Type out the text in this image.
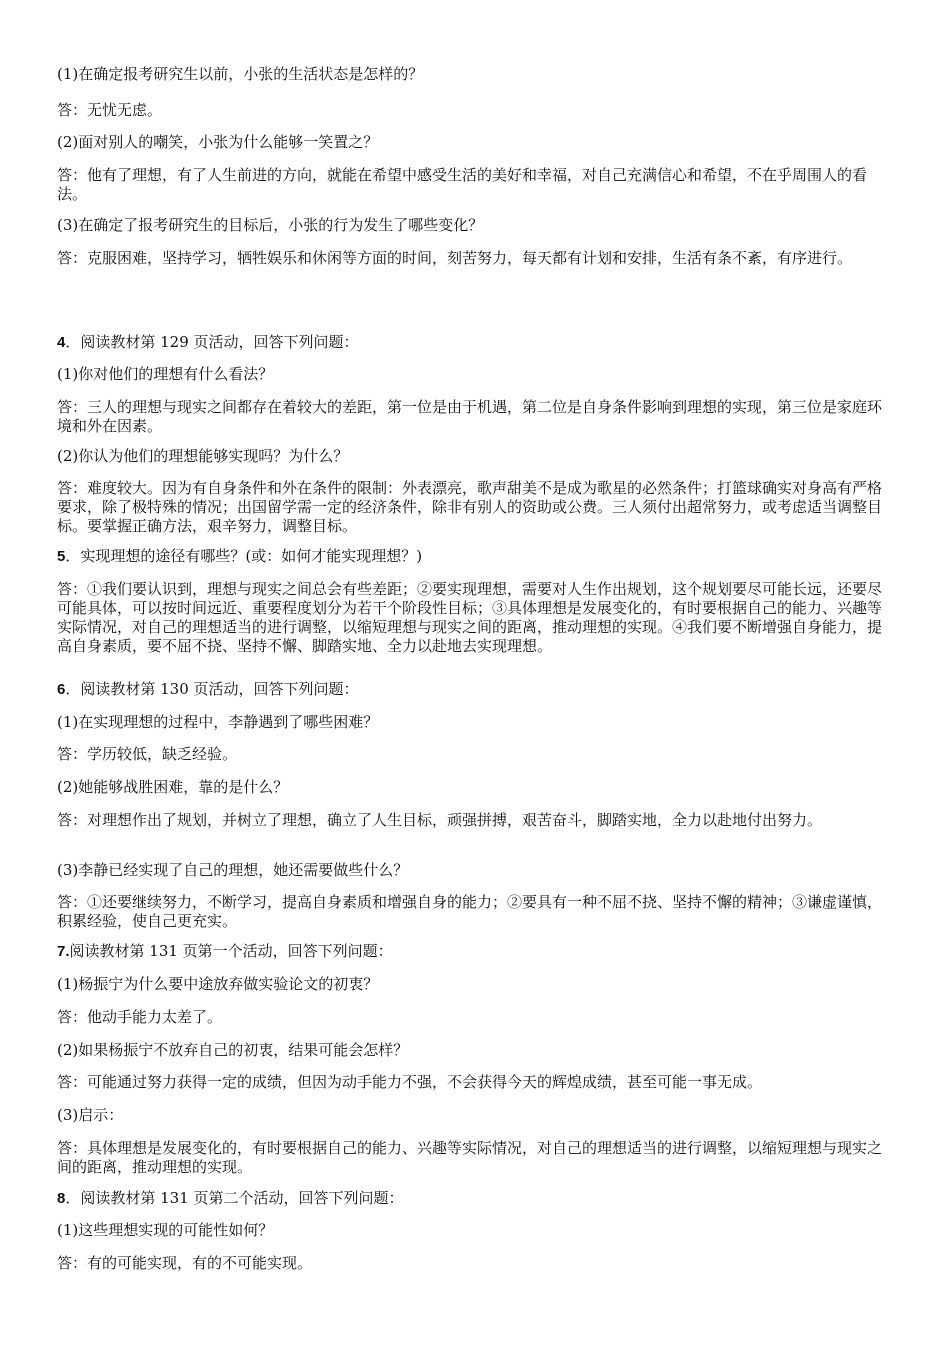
(1)在确定报考研究生以前，小张的生活状态是怎样的？

答：无忧无虑。

(2)面对别人的嘲笑，小张为什么能够一笑置之？

答：他有了理想，有了人生前进的方向，就能在希望中感受生活的美好和幸福，对自己充满信心和希望，不在乎周围人的看法。

(3)在确定了报考研究生的目标后，小张的行为发生了哪些变化？

答：克服困难，坚持学习，牺牲娱乐和休闲等方面的时间，刻苦努力，每天都有计划和安排，生活有条不紊，有序进行。

4．阅读教材第 129 页活动，回答下列问题：

(1)你对他们的理想有什么看法？

答：三人的理想与现实之间都存在着较大的差距，第一位是由于机遇，第二位是自身条件影响到理想的实现，第三位是家庭环境和外在因素。

(2)你认为他们的理想能够实现吗？为什么？

答：难度较大。因为有自身条件和外在条件的限制：外表漂亮，歌声甜美不是成为歌星的必然条件；打篮球确实对身高有严格要求，除了极特殊的情况；出国留学需一定的经济条件，除非有别人的资助或公费。三人须付出超常努力，或考虑适当调整目标。要掌握正确方法，艰辛努力，调整目标。

5．实现理想的途径有哪些？(或：如何才能实现理想？)

答：①我们要认识到，理想与现实之间总会有些差距；②要实现理想，需要对人生作出规划，这个规划要尽可能长远，还要尽可能具体，可以按时间远近、重要程度划分为若干个阶段性目标；③具体理想是发展变化的，有时要根据自己的能力、兴趣等实际情况，对自己的理想适当的进行调整，以缩短理想与现实之间的距离，推动理想的实现。④我们要不断增强自身能力，提高自身素质，要不屈不挠、坚持不懈、脚踏实地、全力以赴地去实现理想。

6．阅读教材第 130 页活动，回答下列问题：

(1)在实现理想的过程中，李静遇到了哪些困难？

答：学历较低，缺乏经验。

(2)她能够战胜困难，靠的是什么？

答：对理想作出了规划，并树立了理想，确立了人生目标，顽强拼搏，艰苦奋斗，脚踏实地，全力以赴地付出努力。

(3)李静已经实现了自己的理想，她还需要做些什么？

答：①还要继续努力，不断学习，提高自身素质和增强自身的能力；②要具有一种不屈不挠、坚持不懈的精神；③谦虚谨慎，积累经验，使自己更充实。

7.阅读教材第 131 页第一个活动，回答下列问题：

(1)杨振宁为什么要中途放弃做实验论文的初衷？

答：他动手能力太差了。

(2)如果杨振宁不放弃自己的初衷，结果可能会怎样？

答：可能通过努力获得一定的成绩，但因为动手能力不强，不会获得今天的辉煌成绩，甚至可能一事无成。

(3)启示：

答：具体理想是发展变化的，有时要根据自己的能力、兴趣等实际情况，对自己的理想适当的进行调整，以缩短理想与现实之间的距离，推动理想的实现。

8．阅读教材第 131 页第二个活动，回答下列问题：

(1)这些理想实现的可能性如何？

答：有的可能实现，有的不可能实现。
